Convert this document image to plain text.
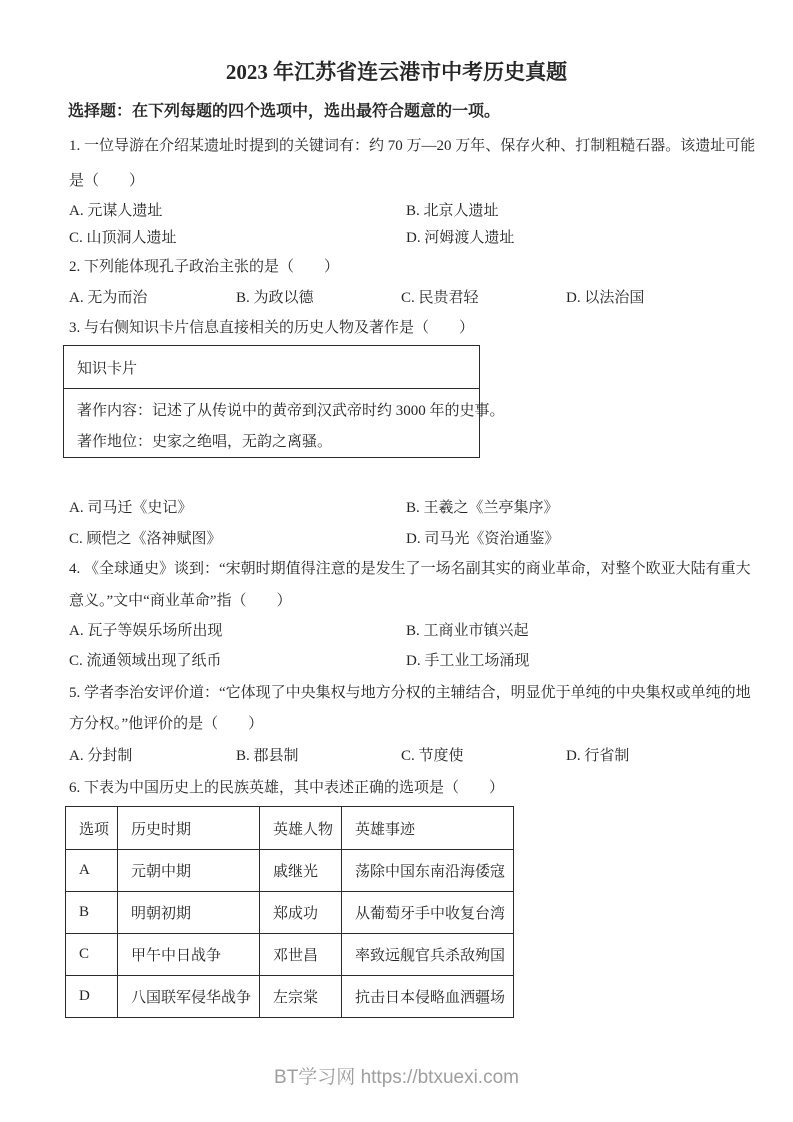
2023 年江苏省连云港市中考历史真题
选择题：在下列每题的四个选项中，选出最符合题意的一项。
1. 一位导游在介绍某遗址时提到的关键词有：约 70 万—20 万年、保存火种、打制粗糙石器。该遗址可能
是（　　）
A. 元谋人遗址	B. 北京人遗址
C. 山顶洞人遗址	D. 河姆渡人遗址
2. 下列能体现孔子政治主张的是（　　）
A. 无为而治	B. 为政以德	C. 民贵君轻	D. 以法治国
3. 与右侧知识卡片信息直接相关的历史人物及著作是（　　）
知识卡片
著作内容：记述了从传说中的黄帝到汉武帝时约 3000 年的史事。
著作地位：史家之绝唱，无韵之离骚。
A. 司马迁《史记》	B. 王羲之《兰亭集序》
C. 顾恺之《洛神赋图》	D. 司马光《资治通鉴》
4. 《全球通史》谈到：“宋朝时期值得注意的是发生了一场名副其实的商业革命，对整个欧亚大陆有重大
意义。”文中“商业革命”指（　　）
A. 瓦子等娱乐场所出现	B. 工商业市镇兴起
C. 流通领域出现了纸币	D. 手工业工场涌现
5. 学者李治安评价道：“它体现了中央集权与地方分权的主辅结合，明显优于单纯的中央集权或单纯的地
方分权。”他评价的是（　　）
A. 分封制	B. 郡县制	C. 节度使	D. 行省制
6. 下表为中国历史上的民族英雄，其中表述正确的选项是（　　）
选项	历史时期	英雄人物	英雄事迹
A	元朝中期	戚继光	荡除中国东南沿海倭寇
B	明朝初期	郑成功	从葡萄牙手中收复台湾
C	甲午中日战争	邓世昌	率致远舰官兵杀敌殉国
D	八国联军侵华战争	左宗棠	抗击日本侵略血洒疆场
BT学习网 https://btxuexi.com
